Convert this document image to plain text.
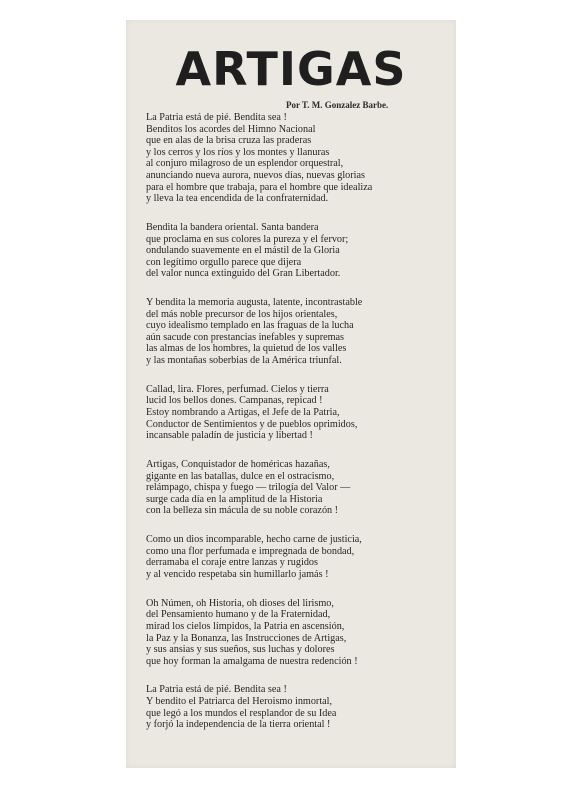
ARTIGAS

Por T. M. Gonzalez Barbe.

La Patria está de pié. Bendita sea !

Benditos los acordes del Himno Nacional

que en alas de la brisa cruza las praderas

y los cerros y los ríos y los montes y llanuras

al conjuro milagroso de un esplendor orquestral,

anunciando nueva aurora, nuevos días, nuevas glorias

para el hombre que trabaja, para el hombre que idealiza

y lleva la tea encendida de la confraternidad.

Bendita la bandera oriental. Santa bandera

que proclama en sus colores la pureza y el fervor;

ondulando suavemente en el mástil de la Gloria

con legítimo orgullo parece que dijera

del valor nunca extinguido del Gran Libertador.

Y bendita la memoria augusta, latente, incontrastable

del más noble precursor de los hijos orientales,

cuyo idealismo templado en las fraguas de la lucha

aún sacude con prestancias inefables y supremas

las almas de los hombres, la quietud de los valles

y las montañas soberbias de la América triunfal.

Callad, lira. Flores, perfumad. Cielos y tierra

lucid los bellos dones. Campanas, repicad !

Estoy nombrando a Artigas, el Jefe de la Patria,

Conductor de Sentimientos y de pueblos oprimidos,

incansable paladín de justicia y libertad !

Artigas, Conquistador de homéricas hazañas,

gigante en las batallas, dulce en el ostracismo,

relámpago, chispa y fuego — trilogía del Valor —

surge cada día en la amplitud de la Historia

con la belleza sin mácula de su noble corazón !

Como un dios incomparable, hecho carne de justicia,

como una flor perfumada e impregnada de bondad,

derramaba el coraje entre lanzas y rugidos

y al vencido respetaba sin humillarlo jamás !

Oh Númen, oh Historia, oh dioses del lirismo,

del Pensamiento humano y de la Fraternidad,

mirad los cielos límpidos, la Patria en ascensión,

la Paz y la Bonanza, las Instrucciones de Artigas,

y sus ansias y sus sueños, sus luchas y dolores

que hoy forman la amalgama de nuestra redención !

La Patria está de pié. Bendita sea !

Y bendito el Patriarca del Heroismo inmortal,

que legó a los mundos el resplandor de su Idea

y forjó la independencia de la tierra oriental !
